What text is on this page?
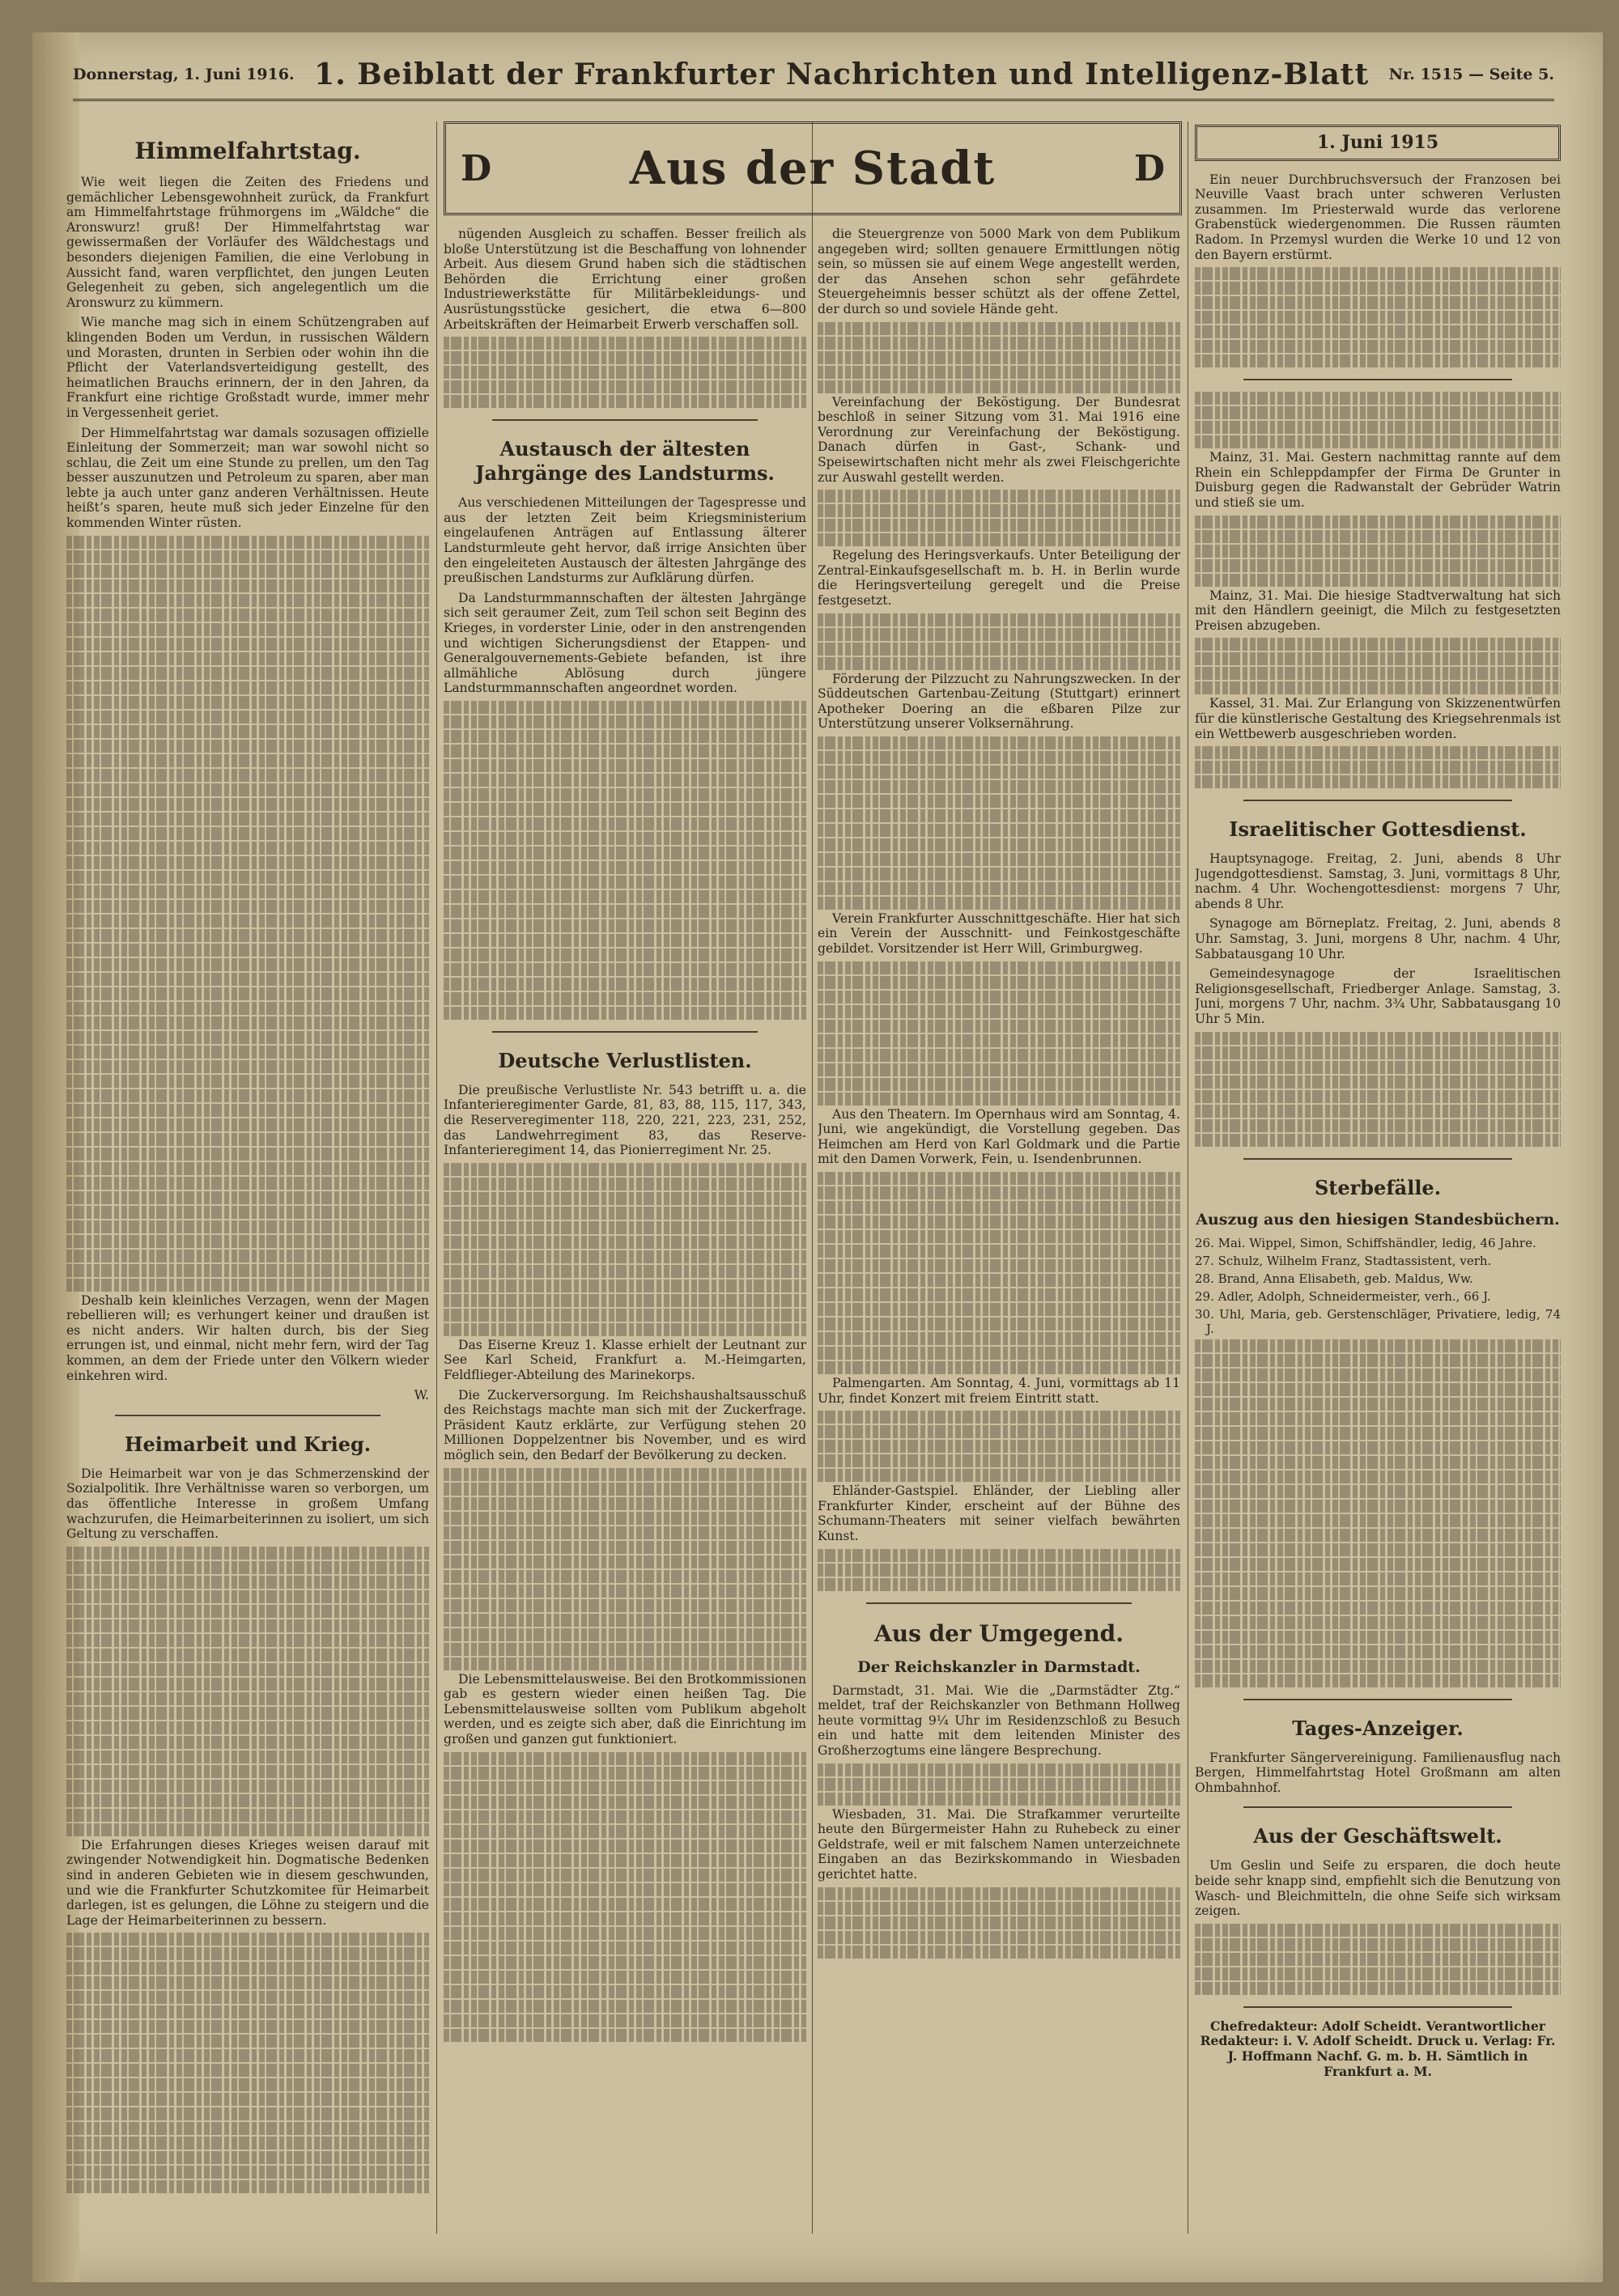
Donnerstag, 1. Juni 1916. 1. Beiblatt der Frankfurter Nachrichten und Intelligenz-Blatt Nr. 1515 — Seite 5.
Himmelfahrtstag.

Wie weit liegen die Zeiten des Friedens und gemächlicher Lebensgewohnheit zurück, da Frankfurt am Himmelfahrtstage frühmorgens im „Wäldche“ die Aronswurz! gruß! Der Himmelfahrtstag war gewissermaßen der Vorläufer des Wäldchestags und besonders diejenigen Familien, die eine Verlobung in Aussicht fand, waren verpflichtet, den jungen Leuten Gelegenheit zu geben, sich angelegentlich um die Aronswurz zu kümmern.

Wie manche mag sich in einem Schützengraben auf klingenden Boden um Verdun, in russischen Wäldern und Morasten, drunten in Serbien oder wohin ihn die Pflicht der Vaterlandsverteidigung gestellt, des heimatlichen Brauchs erinnern, der in den Jahren, da Frankfurt eine richtige Großstadt wurde, immer mehr in Vergessenheit geriet.

Der Himmelfahrtstag war damals sozusagen offizielle Einleitung der Sommerzeit; man war sowohl nicht so schlau, die Zeit um eine Stunde zu prellen, um den Tag besser auszunutzen und Petroleum zu sparen, aber man lebte ja auch unter ganz anderen Verhältnissen. Heute heißt’s sparen, heute muß sich jeder Einzelne für den kommenden Winter rüsten.

Deshalb kein kleinliches Verzagen, wenn der Magen rebellieren will; es verhungert keiner und draußen ist es nicht anders. Wir halten durch, bis der Sieg errungen ist, und einmal, nicht mehr fern, wird der Tag kommen, an dem der Friede unter den Völkern wieder einkehren wird.

W.

Heimarbeit und Krieg.

Die Heimarbeit war von je das Schmerzenskind der Sozialpolitik. Ihre Verhältnisse waren so verborgen, um das öffentliche Interesse in großem Umfang wachzurufen, die Heimarbeiterinnen zu isoliert, um sich Geltung zu verschaffen.

Die Erfahrungen dieses Krieges weisen darauf mit zwingender Notwendigkeit hin. Dogmatische Bedenken sind in anderen Gebieten wie in diesem geschwunden, und wie die Frankfurter Schutzkomitee für Heimarbeit darlegen, ist es gelungen, die Löhne zu steigern und die Lage der Heimarbeiterinnen zu bessern.

D	Aus der Stadt	D

nügenden Ausgleich zu schaffen. Besser freilich als bloße Unterstützung ist die Beschaffung von lohnender Arbeit. Aus diesem Grund haben sich die städtischen Behörden die Errichtung einer großen Industriewerkstätte für Militärbekleidungs- und Ausrüstungsstücke gesichert, die etwa 6—800 Arbeitskräften der Heimarbeit Erwerb verschaffen soll.

Austausch der ältesten Jahrgänge des Landsturms.

Aus verschiedenen Mitteilungen der Tagespresse und aus der letzten Zeit beim Kriegsministerium eingelaufenen Anträgen auf Entlassung älterer Landsturmleute geht hervor, daß irrige Ansichten über den eingeleiteten Austausch der ältesten Jahrgänge des preußischen Landsturms zur Aufklärung dürfen.

Da Landsturmmannschaften der ältesten Jahrgänge sich seit geraumer Zeit, zum Teil schon seit Beginn des Krieges, in vorderster Linie, oder in den anstrengenden und wichtigen Sicherungsdienst der Etappen- und Generalgouvernements-Gebiete befanden, ist ihre allmähliche Ablösung durch jüngere Landsturmmannschaften angeordnet worden.

Deutsche Verlustlisten.

Die preußische Verlustliste Nr. 543 betrifft u. a. die Infanterieregimenter Garde, 81, 83, 88, 115, 117, 343, die Reserveregimenter 118, 220, 221, 223, 231, 252, das Landwehrregiment 83, das Reserve-Infanterieregiment 14, das Pionierregiment Nr. 25.

Das Eiserne Kreuz 1. Klasse erhielt der Leutnant zur See Karl Scheid, Frankfurt a. M.-Heimgarten, Feldflieger-Abteilung des Marinekorps.

Die Zuckerversorgung. Im Reichshaushaltsausschuß des Reichstags machte man sich mit der Zuckerfrage. Präsident Kautz erklärte, zur Verfügung stehen 20 Millionen Doppelzentner bis November, und es wird möglich sein, den Bedarf der Bevölkerung zu decken.

Die Lebensmittelausweise. Bei den Brotkommissionen gab es gestern wieder einen heißen Tag. Die Lebensmittelausweise sollten vom Publikum abgeholt werden, und es zeigte sich aber, daß die Einrichtung im großen und ganzen gut funktioniert.

die Steuergrenze von 5000 Mark von dem Publikum angegeben wird; sollten genauere Ermittlungen nötig sein, so müssen sie auf einem Wege angestellt werden, der das Ansehen schon sehr gefährdete Steuergeheimnis besser schützt als der offene Zettel, der durch so und soviele Hände geht.

Vereinfachung der Beköstigung. Der Bundesrat beschloß in seiner Sitzung vom 31. Mai 1916 eine Verordnung zur Vereinfachung der Beköstigung. Danach dürfen in Gast-, Schank- und Speisewirtschaften nicht mehr als zwei Fleischgerichte zur Auswahl gestellt werden.

Regelung des Heringsverkaufs. Unter Beteiligung der Zentral-Einkaufsgesellschaft m. b. H. in Berlin wurde die Heringsverteilung geregelt und die Preise festgesetzt.

Förderung der Pilzzucht zu Nahrungszwecken. In der Süddeutschen Gartenbau-Zeitung (Stuttgart) erinnert Apotheker Doering an die eßbaren Pilze zur Unterstützung unserer Volksernährung.

Verein Frankfurter Ausschnittgeschäfte. Hier hat sich ein Verein der Ausschnitt- und Feinkostgeschäfte gebildet. Vorsitzender ist Herr Will, Grimburgweg.

Aus den Theatern. Im Opernhaus wird am Sonntag, 4. Juni, wie angekündigt, die Vorstellung gegeben. Das Heimchen am Herd von Karl Goldmark und die Partie mit den Damen Vorwerk, Fein, u. Isendenbrunnen.

Palmengarten. Am Sonntag, 4. Juni, vormittags ab 11 Uhr, findet Konzert mit freiem Eintritt statt.

Ehländer-Gastspiel. Ehländer, der Liebling aller Frankfurter Kinder, erscheint auf der Bühne des Schumann-Theaters mit seiner vielfach bewährten Kunst.

Aus der Umgegend.
Der Reichskanzler in Darmstadt.

Darmstadt, 31. Mai. Wie die „Darmstädter Ztg.“ meldet, traf der Reichskanzler von Bethmann Hollweg heute vormittag 9¼ Uhr im Residenzschloß zu Besuch ein und hatte mit dem leitenden Minister des Großherzogtums eine längere Besprechung.

Wiesbaden, 31. Mai. Die Strafkammer verurteilte heute den Bürgermeister Hahn zu Ruhebeck zu einer Geldstrafe, weil er mit falschem Namen unterzeichnete Eingaben an das Bezirkskommando in Wiesbaden gerichtet hatte.

1. Juni 1915

Ein neuer Durchbruchsversuch der Franzosen bei Neuville Vaast brach unter schweren Verlusten zusammen. Im Priesterwald wurde das verlorene Grabenstück wiedergenommen. Die Russen räumten Radom. In Przemysl wurden die Werke 10 und 12 von den Bayern erstürmt.

Mainz, 31. Mai. Gestern nachmittag rannte auf dem Rhein ein Schleppdampfer der Firma De Grunter in Duisburg gegen die Radwanstalt der Gebrüder Watrin und stieß sie um.

Mainz, 31. Mai. Die hiesige Stadtverwaltung hat sich mit den Händlern geeinigt, die Milch zu festgesetzten Preisen abzugeben.

Kassel, 31. Mai. Zur Erlangung von Skizzenentwürfen für die künstlerische Gestaltung des Kriegsehrenmals ist ein Wettbewerb ausgeschrieben worden.

Israelitischer Gottesdienst.

Hauptsynagoge. Freitag, 2. Juni, abends 8 Uhr Jugendgottesdienst. Samstag, 3. Juni, vormittags 8 Uhr, nachm. 4 Uhr. Wochengottesdienst: morgens 7 Uhr, abends 8 Uhr.

Synagoge am Börneplatz. Freitag, 2. Juni, abends 8 Uhr. Samstag, 3. Juni, morgens 8 Uhr, nachm. 4 Uhr, Sabbatausgang 10 Uhr.

Gemeindesynagoge der Israelitischen Religionsgesellschaft, Friedberger Anlage. Samstag, 3. Juni, morgens 7 Uhr, nachm. 3¾ Uhr, Sabbatausgang 10 Uhr 5 Min.

Sterbefälle.
Auszug aus den hiesigen Standesbüchern.
26. Mai. Wippel, Simon, Schiffshändler, ledig, 46 Jahre.
27. Schulz, Wilhelm Franz, Stadtassistent, verh.
28. Brand, Anna Elisabeth, geb. Maldus, Ww.
29. Adler, Adolph, Schneidermeister, verh., 66 J.
30. Uhl, Maria, geb. Gerstenschläger, Privatiere, ledig, 74 J.
Tages-Anzeiger.

Frankfurter Sängervereinigung. Familienausflug nach Bergen, Himmelfahrtstag Hotel Großmann am alten Ohmbahnhof.

Aus der Geschäftswelt.

Um Geslin und Seife zu ersparen, die doch heute beide sehr knapp sind, empfiehlt sich die Benutzung von Wasch- und Bleichmitteln, die ohne Seife sich wirksam zeigen.

Chefredakteur: Adolf Scheidt. Verantwortlicher Redakteur: i. V. Adolf Scheidt. Druck u. Verlag: Fr. J. Hoffmann Nachf. G. m. b. H. Sämtlich in Frankfurt a. M.
